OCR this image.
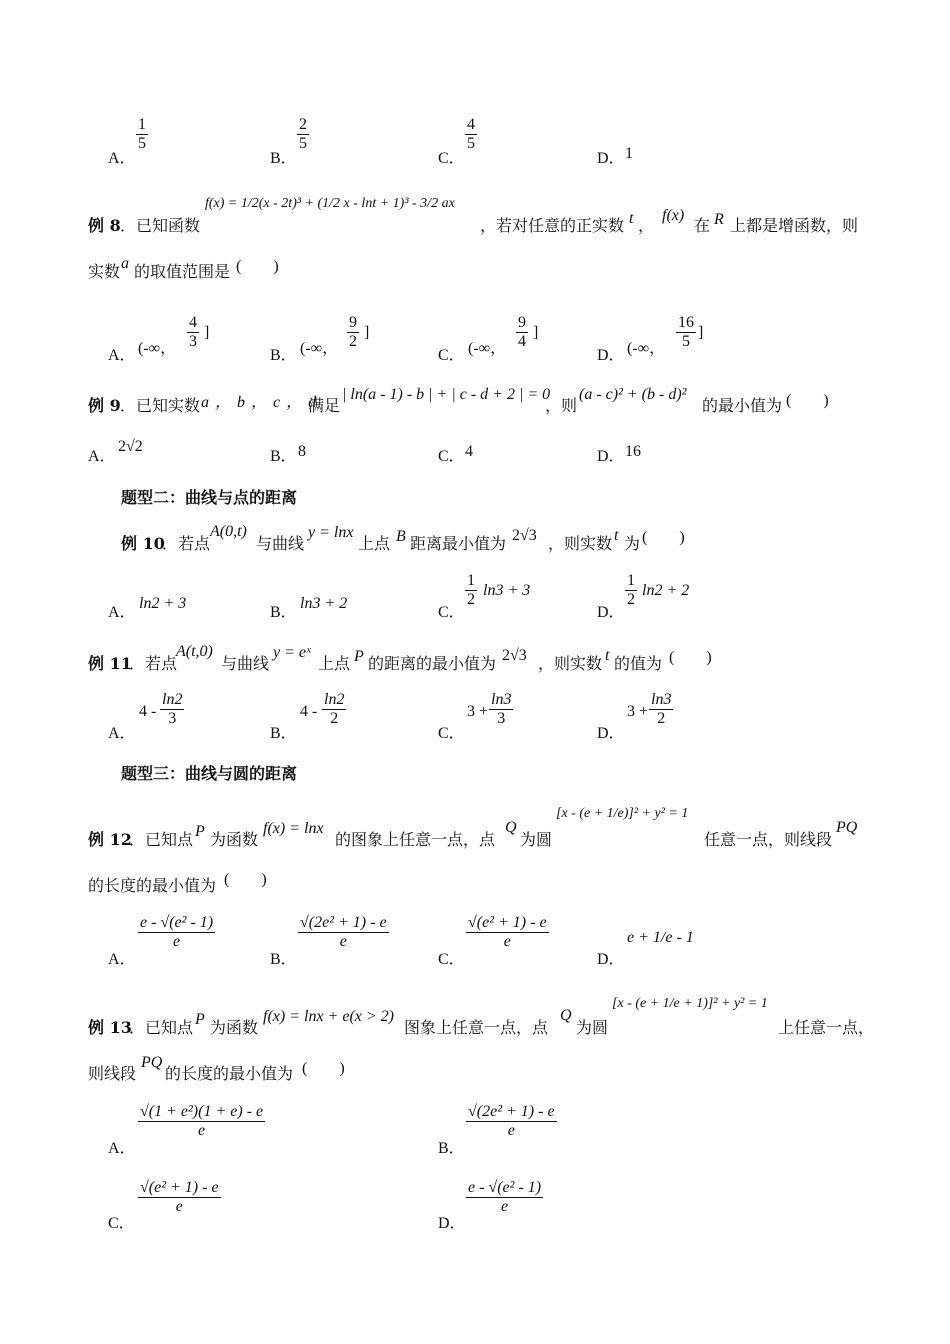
A．
$\frac{1}{5}$
B．
$\frac{2}{5}$
C．
$\frac{4}{5}$
D． 1
例 8 ．已知函数
f(x) = 1/2(x - 2t)³ + (1/2 x - lnt + 1)³ - 3/2 ax
，若对任意的正实数 t ，
f(x)
在 R 上都是增函数，则
实数 a 的取值范围是 (　　)
A． (-∞， $\frac{4}{3}$ ]
B． (-∞， $\frac{9}{2}$ ]
C． (-∞， $\frac{9}{4}$ ]
D． (-∞， $\frac{16}{5}$ ]
例 9 ．已知实数 a ， b ， c ， d
满足
| ln(a - 1) - b | + | c - d + 2 | = 0
，则
(a - c)² + (b - d)²
的最小值为 (　　)
A．
2√2
B． 8	C． 4	D． 16
题型二：曲线与点的距离
例 10
．若点
A(0,t)
与曲线
y = lnx
上点 B 距离最小值为 2√3 ，则实数 t 为 (　　)
A．
ln2 + 3
B．
ln3 + 2
C．
$\frac{1}{2} \ln 3 + 3$
D．
$\frac{1}{2} \ln 2 + 2$
例 11
．若点
A(t,0)
与曲线
y = eˣ
上点 P 的距离的最小值为 2√3 ，则实数 t 的值为 (　　)
A．
$4 - \frac{\ln 2}{3}$
B．
$4 - \frac{\ln 2}{2}$
C．
$3 + \frac{\ln 3}{3}$
D．
$3 + \frac{\ln 3}{2}$
题型三：曲线与圆的距离
例 12
．已知点 P 为函数
f(x) = lnx
的图象上任意一点，点
Q
为圆
[x - (e + 1/e)]² + y² = 1
任意一点，则线段
PQ
的长度的最小值为 (　　)
A．
$\frac{\text{e - √(e² - 1)}}{e}$
B．
$\frac{\text{√(2e² + 1) - e}}{e}$
C．
$\frac{\text{√(e² + 1) - e}}{e}$
D．
e + 1/e - 1
例 13
．已知点 P 为函数
f(x) = lnx + e(x > 2)
图象上任意一点，点
Q
为圆
[x - (e + 1/e + 1)]² + y² = 1
上任意一点，
则线段
PQ
的长度的最小值为 (　　)
A．
$\frac{\text{√(1 + e²)(1 + e) - e}}{e}$
B．
$\frac{\text{√(2e² + 1) - e}}{e}$
C．
$\frac{\text{√(e² + 1) - e}}{e}$
D．
$\frac{\text{e - √(e² - 1)}}{e}$
